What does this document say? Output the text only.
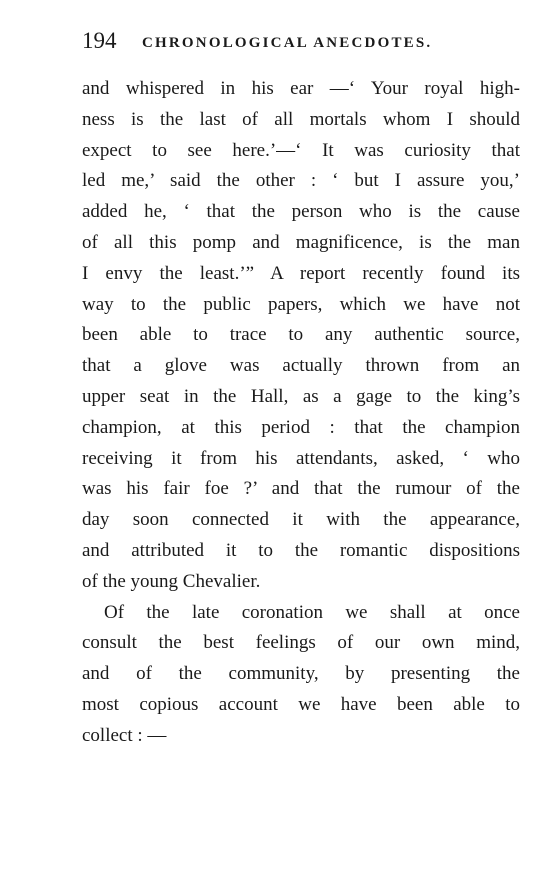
194 CHRONOLOGICAL ANECDOTES.
and whispered in his ear —‘ Your royal high-
ness is the last of all mortals whom I should
expect to see here.’—‘ It was curiosity that
led me,’ said the other : ‘ but I assure you,’
added he, ‘ that the person who is the cause
of all this pomp and magnificence, is the man
I envy the least.’” A report recently found its
way to the public papers, which we have not
been able to trace to any authentic source,
that a glove was actually thrown from an
upper seat in the Hall, as a gage to the king’s
champion, at this period : that the champion
receiving it from his attendants, asked, ‘ who
was his fair foe ?’ and that the rumour of the
day soon connected it with the appearance,
and attributed it to the romantic dispositions
of the young Chevalier.
Of the late coronation we shall at once
consult the best feelings of our own mind,
and of the community, by presenting the
most copious account we have been able to
collect : —
